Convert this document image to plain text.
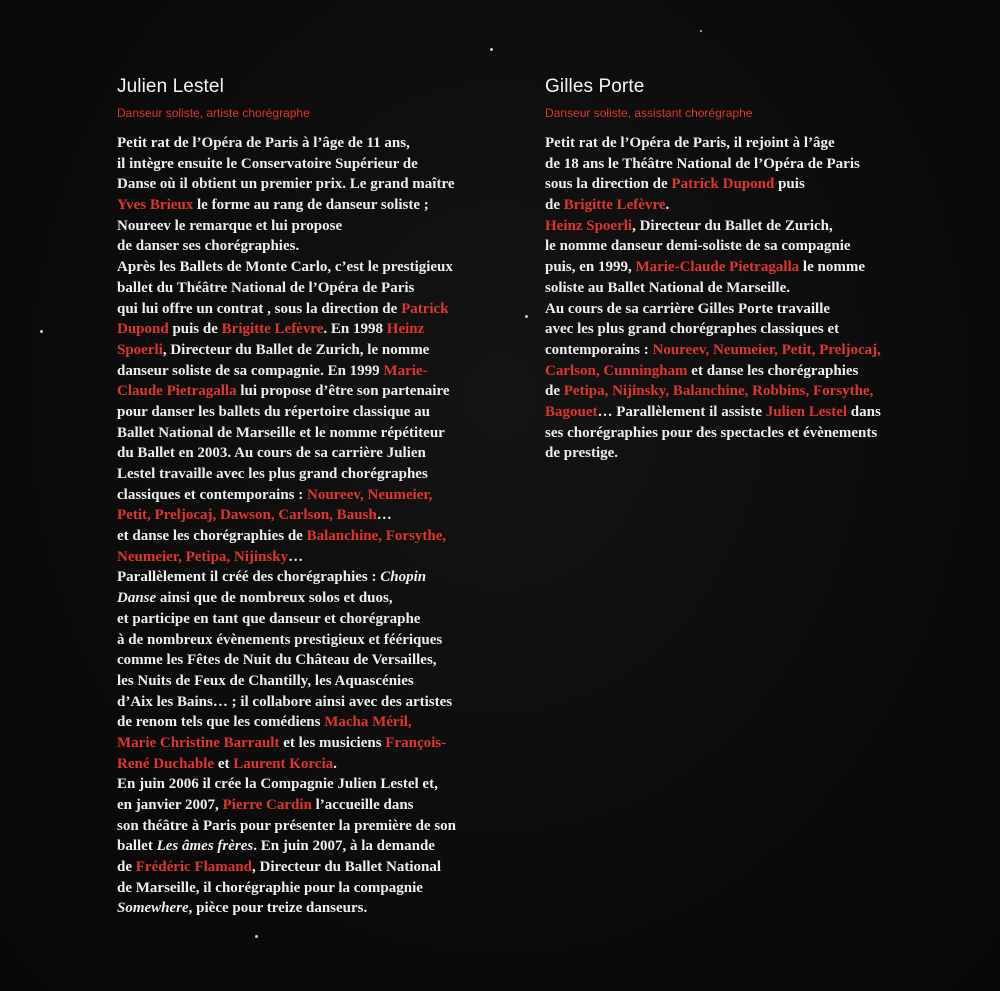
Julien Lestel
Danseur soliste, artiste chorégraphe
Petit rat de l’Opéra de Paris à l’âge de 11 ans,
il intègre ensuite le Conservatoire Supérieur de
Danse où il obtient un premier prix. Le grand maître
Yves Brieux le forme au rang de danseur soliste ;
Noureev le remarque et lui propose
de danser ses chorégraphies.
Après les Ballets de Monte Carlo, c’est le prestigieux
ballet du Théâtre National de l’Opéra de Paris
qui lui offre un contrat , sous la direction de Patrick
Dupond puis de Brigitte Lefèvre. En 1998 Heinz
Spoerli, Directeur du Ballet de Zurich, le nomme
danseur soliste de sa compagnie. En 1999 Marie-
Claude Pietragalla lui propose d’être son partenaire
pour danser les ballets du répertoire classique au
Ballet National de Marseille et le nomme répétiteur
du Ballet en 2003. Au cours de sa carrière Julien
Lestel travaille avec les plus grand chorégraphes
classiques et contemporains : Noureev, Neumeier,
Petit, Preljocaj, Dawson, Carlson, Baush…
et danse les chorégraphies de Balanchine, Forsythe,
Neumeier, Petipa, Nijinsky…
Parallèlement il créé des chorégraphies : Chopin
Danse ainsi que de nombreux solos et duos,
et participe en tant que danseur et chorégraphe
à de nombreux évènements prestigieux et féériques
comme les Fêtes de Nuit du Château de Versailles,
les Nuits de Feux de Chantilly, les Aquascénies
d’Aix les Bains… ; il collabore ainsi avec des artistes
de renom tels que les comédiens Macha Méril,
Marie Christine Barrault et les musiciens François-
René Duchable et Laurent Korcia.
En juin 2006 il crée la Compagnie Julien Lestel et,
en janvier 2007, Pierre Cardin l’accueille dans
son théâtre à Paris pour présenter la première de son
ballet Les âmes frères. En juin 2007, à la demande
de Frédéric Flamand, Directeur du Ballet National
de Marseille, il chorégraphie pour la compagnie
Somewhere, pièce pour treize danseurs.
Gilles Porte
Danseur soliste, assistant chorégraphe
Petit rat de l’Opéra de Paris, il rejoint à l’âge
de 18 ans le Théâtre National de l’Opéra de Paris
sous la direction de Patrick Dupond puis
de Brigitte Lefèvre.
Heinz Spoerli, Directeur du Ballet de Zurich,
le nomme danseur demi-soliste de sa compagnie
puis, en 1999, Marie-Claude Pietragalla le nomme
soliste au Ballet National de Marseille.
Au cours de sa carrière Gilles Porte travaille
avec les plus grand chorégraphes classiques et
contemporains : Noureev, Neumeier, Petit, Preljocaj,
Carlson, Cunningham et danse les chorégraphies
de Petipa, Nijinsky, Balanchine, Robbins, Forsythe,
Bagouet… Parallèlement il assiste Julien Lestel dans
ses chorégraphies pour des spectacles et évènements
de prestige.
